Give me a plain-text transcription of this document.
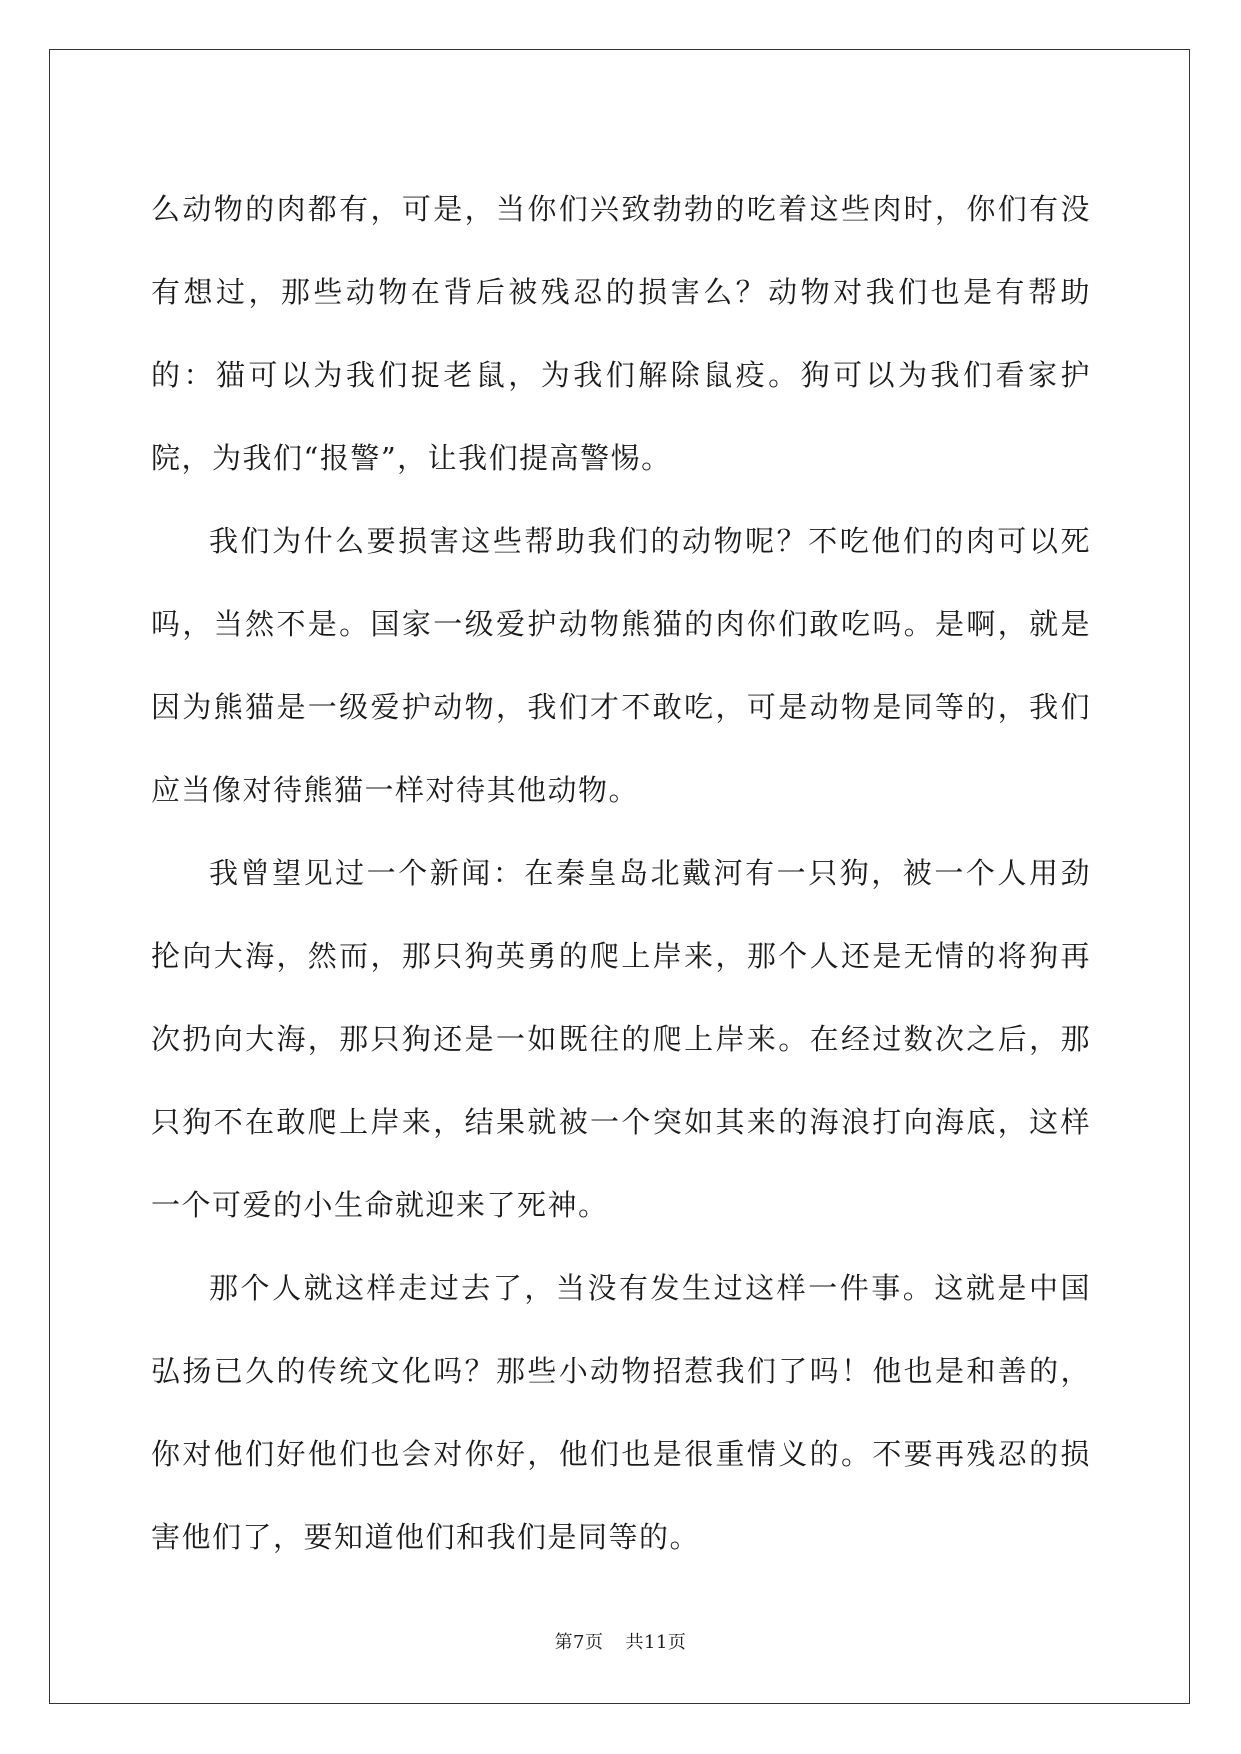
么动物的肉都有，可是，当你们兴致勃勃的吃着这些肉时，你们有没有想过，那些动物在背后被残忍的损害么？动物对我们也是有帮助的：猫可以为我们捉老鼠，为我们解除鼠疫。狗可以为我们看家护院，为我们“报警”，让我们提高警惕。

我们为什么要损害这些帮助我们的动物呢？不吃他们的肉可以死吗，当然不是。国家一级爱护动物熊猫的肉你们敢吃吗。是啊，就是因为熊猫是一级爱护动物，我们才不敢吃，可是动物是同等的，我们应当像对待熊猫一样对待其他动物。

我曾望见过一个新闻：在秦皇岛北戴河有一只狗，被一个人用劲抡向大海，然而，那只狗英勇的爬上岸来，那个人还是无情的将狗再次扔向大海，那只狗还是一如既往的爬上岸来。在经过数次之后，那只狗不在敢爬上岸来，结果就被一个突如其来的海浪打向海底，这样一个可爱的小生命就迎来了死神。

那个人就这样走过去了，当没有发生过这样一件事。这就是中国弘扬已久的传统文化吗？那些小动物招惹我们了吗！他也是和善的，你对他们好他们也会对你好，他们也是很重情义的。不要再残忍的损害他们了，要知道他们和我们是同等的。

第7页 共11页
